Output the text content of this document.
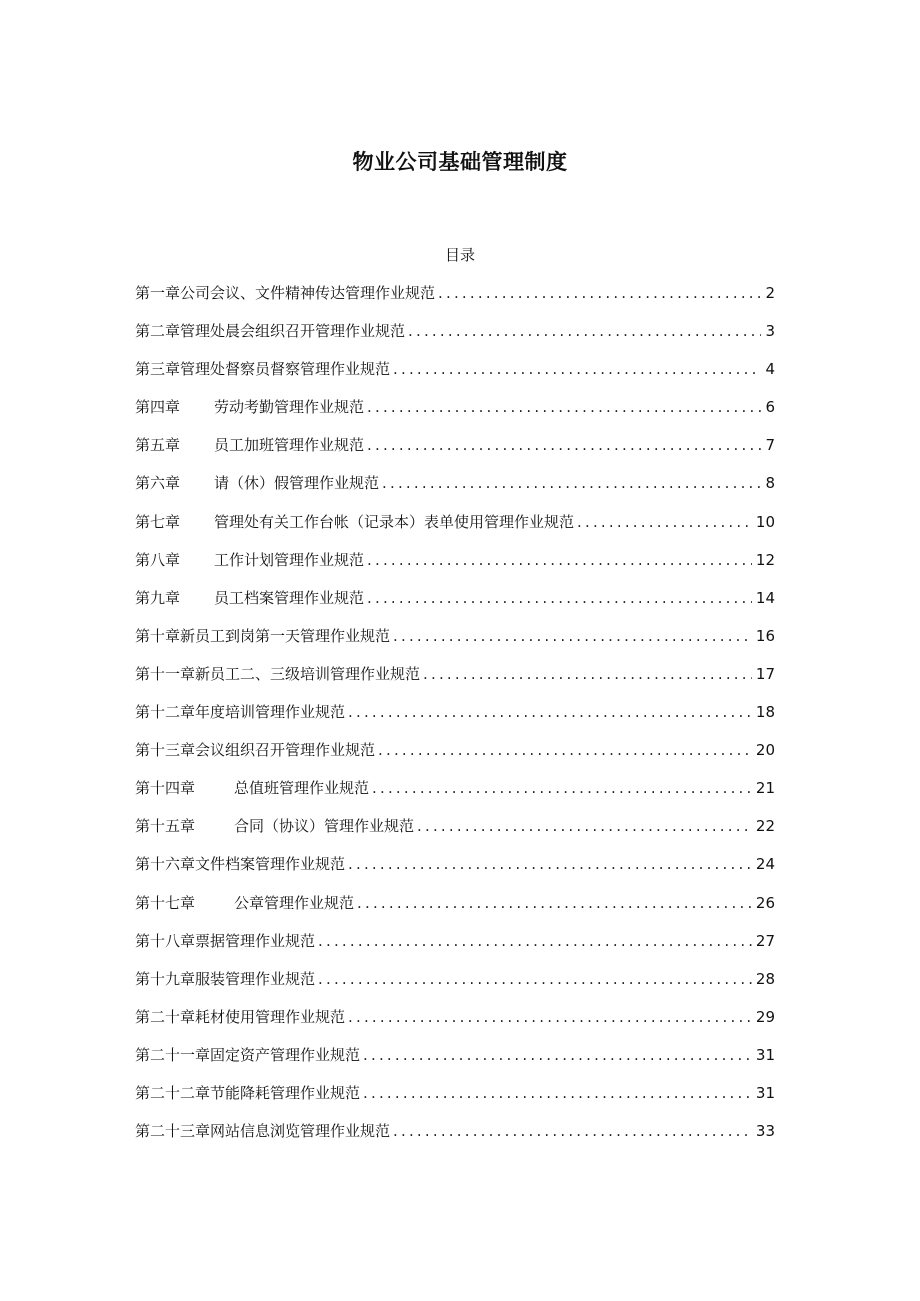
物业公司基础管理制度
目录
第一章 公司会议、文件精神传达管理作业规范 .....	2
第二章 管理处晨会组织召开管理作业规范 .....	3
第三章 管理处督察员督察管理作业规范 .....	4
第四章	劳动考勤管理作业规范 .....	6
第五章	员工加班管理作业规范 .....	7
第六章	请（休）假管理作业规范 .....	8
第七章	管理处有关工作台帐（记录本）表单使用管理作业规范 .....	10
第八章	工作计划管理作业规范 .....	12
第九章	员工档案管理作业规范 .....	14
第十章 新员工到岗第一天管理作业规范 .....	16
第十一章 新员工二、三级培训管理作业规范 .....	17
第十二章 年度培训管理作业规范 .....	18
第十三章 会议组织召开管理作业规范 .....	20
第十四章	总值班管理作业规范 .....	21
第十五章	合同（协议）管理作业规范 .....	22
第十六章 文件档案管理作业规范 .....	24
第十七章	公章管理作业规范 .....	26
第十八章 票据管理作业规范 .....	27
第十九章 服装管理作业规范 .....	28
第二十章 耗材使用管理作业规范 .....	29
第二十一章 固定资产管理作业规范 .....	31
第二十二章 节能降耗管理作业规范 .....	31
第二十三章 网站信息浏览管理作业规范 .....	33
